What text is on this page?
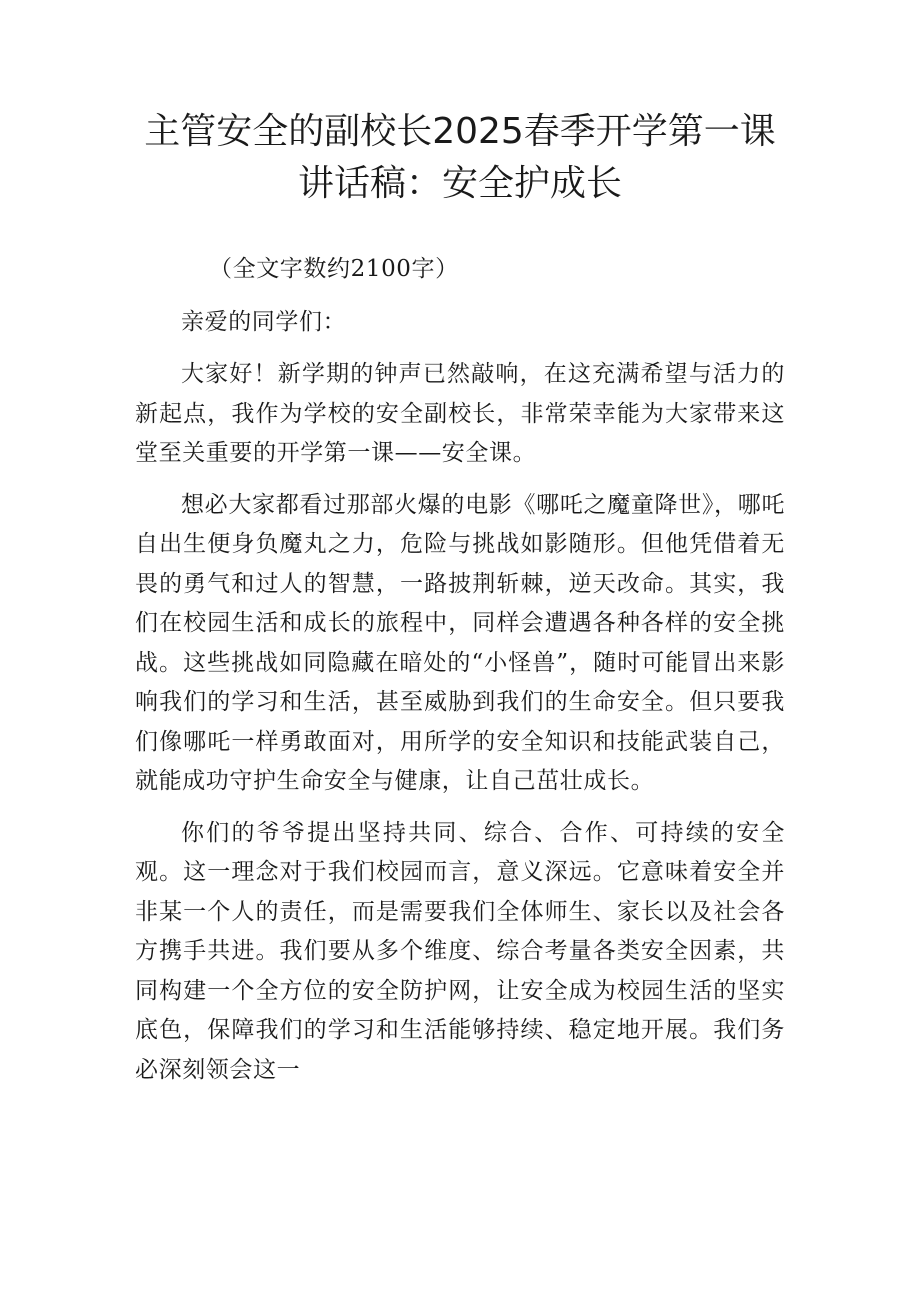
主管安全的副校长2025春季开学第一课讲话稿：安全护成长

（全文字数约2100字）

亲爱的同学们：

大家好！新学期的钟声已然敲响，在这充满希望与活力的新起点，我作为学校的安全副校长，非常荣幸能为大家带来这堂至关重要的开学第一课——安全课。

想必大家都看过那部火爆的电影《哪吒之魔童降世》，哪吒自出生便身负魔丸之力，危险与挑战如影随形。但他凭借着无畏的勇气和过人的智慧，一路披荆斩棘，逆天改命。其实，我们在校园生活和成长的旅程中，同样会遭遇各种各样的安全挑战。这些挑战如同隐藏在暗处的“小怪兽”，随时可能冒出来影响我们的学习和生活，甚至威胁到我们的生命安全。但只要我们像哪吒一样勇敢面对，用所学的安全知识和技能武装自己，就能成功守护生命安全与健康，让自己茁壮成长。

你们的爷爷提出坚持共同、综合、合作、可持续的安全观。这一理念对于我们校园而言，意义深远。它意味着安全并非某一个人的责任，而是需要我们全体师生、家长以及社会各方携手共进。我们要从多个维度、综合考量各类安全因素，共同构建一个全方位的安全防护网，让安全成为校园生活的坚实底色，保障我们的学习和生活能够持续、稳定地开展。我们务必深刻领会这一
